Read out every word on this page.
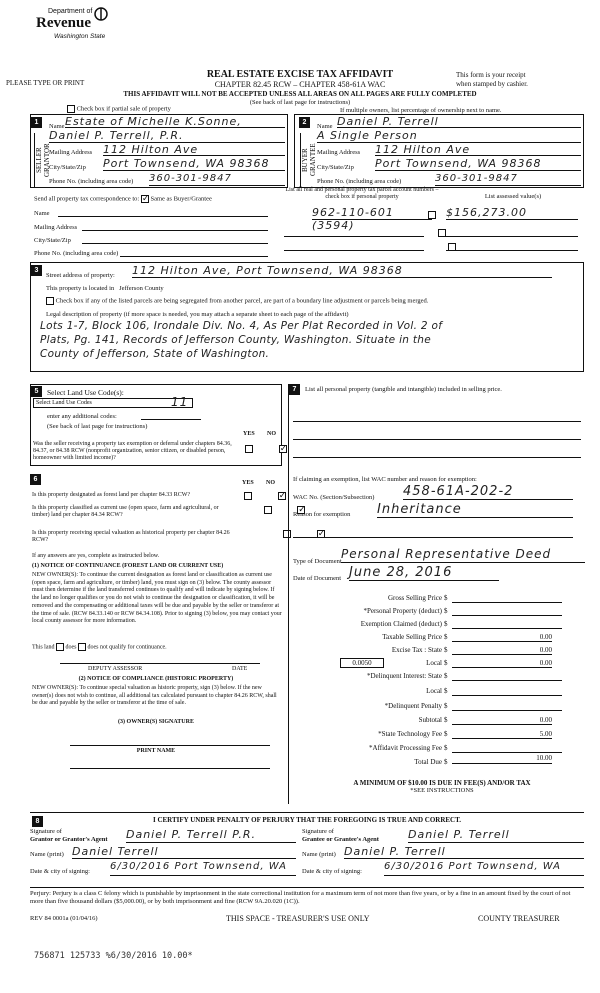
Department of
Revenue
Washington State
PLEASE TYPE OR PRINT
REAL ESTATE EXCISE TAX AFFIDAVIT
CHAPTER 82.45 RCW – CHAPTER 458-61A WAC
THIS AFFIDAVIT WILL NOT BE ACCEPTED UNLESS ALL AREAS ON ALL PAGES ARE FULLY COMPLETED
This form is your receipt
when stamped by cashier.
(See back of last page for instructions)
Check box if partial sale of property	If multiple owners, list percentage of ownership next to name.
1
SELLER GRANTOR
Name Estate of Michelle K.Sonne,
Daniel P. Terrell, P.R.
Mailing Address 112 Hilton Ave
City/State/Zip Port Townsend, WA 98368
Phone No. (including area code) 360-301-9847
2
BUYER GRANTEE
Name Daniel P. Terrell
A Single Person
Mailing Address 112 Hilton Ave
City/State/Zip Port Townsend, WA 98368
Phone No. (including area code)	360-301-9847
Send all property tax correspondence to: ✓ Same as Buyer/Grantee
Name
Mailing Address
City/State/Zip
Phone No. (including area code)
List all real and personal property tax parcel account numbers – check box if personal property	List assessed value(s)
962-110-601 (3594)

$156,273.00

3
Street address of property: 112 Hilton Ave, Port Townsend, WA 98368
This property is located in Jefferson County
Check box if any of the listed parcels are being segregated from another parcel, are part of a boundary line adjustment or parcels being merged.
Legal description of property (if more space is needed, you may attach a separate sheet to each page of the affidavit)
Lots 1-7, Block 106, Irondale Div. No. 4, As Per Plat Recorded in Vol. 2 of
Plats, Pg. 141, Records of Jefferson County, Washington. Situate in the
County of Jefferson, State of Washington.
5	Select Land Use Code(s):
Select Land Use Codes	11
enter any additional codes:
(See back of last page for instructions)
YES NO
Was the seller receiving a property tax exemption or deferral under chapters 84.36, 84.37, or 84.38 RCW (nonprofit organization, senior citizen, or disabled person, homeowner with limited income)?
✓
6	YES NO
Is this property designated as forest land per chapter 84.33 RCW?
✓
Is this property classified as current use (open space, farm and agricultural, or timber) land per chapter 84.34 RCW?
✓
Is this property receiving special valuation as historical property per chapter 84.26 RCW?
✓
If any answers are yes, complete as instructed below.
(1) NOTICE OF CONTINUANCE (FOREST LAND OR CURRENT USE)
NEW OWNER(S): To continue the current designation as forest land or classification as current use (open space, farm and agriculture, or timber) land, you must sign on (3) below. The county assessor must then determine if the land transferred continues to qualify and will indicate by signing below. If the land no longer qualifies or you do not wish to continue the designation or classification, it will be removed and the compensating or additional taxes will be due and payable by the seller or transferor at the time of sale. (RCW 84.33.140 or RCW 84.34.108). Prior to signing (3) below, you may contact your local county assessor for more information.
This land does does not qualify for continuance.
DEPUTY ASSESSOR	DATE
(2) NOTICE OF COMPLIANCE (HISTORIC PROPERTY)
NEW OWNER(S): To continue special valuation as historic property, sign (3) below. If the new owner(s) does not wish to continue, all additional tax calculated pursuant to chapter 84.26 RCW, shall be due and payable by the seller or transferor at the time of sale.
(3) OWNER(S) SIGNATURE
PRINT NAME
7	List all personal property (tangible and intangible) included in selling price.
If claiming an exemption, list WAC number and reason for exemption:
WAC No. (Section/Subsection) 458-61A-202-2
Reason for exemption Inheritance
Type of Document
Personal Representative Deed
Date of Document June 28, 2016
Gross Selling Price $
*Personal Property (deduct) $
Exemption Claimed (deduct) $
Taxable Selling Price $	0.00
Excise Tax : State $	0.00
0.0050	Local $	0.00
*Delinquent Interest: State $
Local $
*Delinquent Penalty $
Subtotal $	0.00
*State Technology Fee $	5.00
*Affidavit Processing Fee $
Total Due $	10.00
A MINIMUM OF $10.00 IS DUE IN FEE(S) AND/OR TAX
*SEE INSTRUCTIONS
8	I CERTIFY UNDER PENALTY OF PERJURY THAT THE FOREGOING IS TRUE AND CORRECT.
Signature of
Grantor or Grantor's Agent Daniel P. Terrell P.R.	Signature of
Grantee or Grantee's Agent	Daniel P. Terrell
Name (print) Daniel Terrell	Name (print) Daniel P. Terrell
Date & city of signing: 6/30/2016 Port Townsend, WA	Date & city of signing: 6/30/2016 Port Townsend, WA
Perjury: Perjury is a class C felony which is punishable by imprisonment in the state correctional institution for a maximum term of not more than five years, or by a fine in an amount fixed by the court of not more than five thousand dollars ($5,000.00), or by both imprisonment and fine (RCW 9A.20.020 (1C)).
REV 84 0001a (01/04/16)	THIS SPACE - TREASURER'S USE ONLY	COUNTY TREASURER
756871 125733 %6/30/2016 10.00*
